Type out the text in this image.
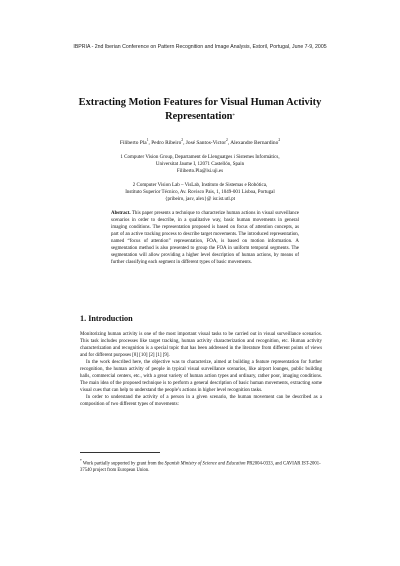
IBPRIA - 2nd Iberian Conference on Pattern Recognition and Image Analysis, Estoril, Portugal, June 7-9, 2005
Extracting Motion Features for Visual Human Activity
Representation*
Filiberto Pla$^1$, Pedro Ribeiro$^2$, José Santos-Victor$^2$, Alexandre Bernardino$^2$
1 Computer Vision Group, Departament de Llenguatges i Sistemes Informàtics,
Universitat Jaume I, 12071 Castellón, Spain
Filiberto.Pla@lsi.uji.es
2 Computer Vision Lab – VisLab, Instituto de Sistemas e Robótica,
Instituto Superior Técnico, Av. Rovisco Pais, 1, 1049-001 Lisboa, Portugal
{pribeiro, jasv, alex}@ isr.ist.utl.pt
Abstract. This paper presents a technique to characterize human actions in visual surveillance scenarios in order to describe, in a qualitative way, basic human movements in general imaging conditions. The representation proposed is based on focus of attention concepts, as part of an active tracking process to describe target movements. The introduced representation, named “focus of attention” representation, FOA, is based on motion information. A segmentation method is also presented to group the FOA in uniform temporal segments. The segmentation will allow providing a higher level description of human actions, by means of further classifying each segment in different types of basic movements.
1. Introduction

Monitorizing human activity is one of the most important visual tasks to be carried out in visual surveillance scenarios. This task includes processes like target tracking, human activity characterization and recognition, etc. Human activity characterization and recognition is a special topic that has been addressed in the literature from different points of views and for different purposes [8] [10] [2] [1] [9].

In the work described here, the objective was to characterize, aimed at building a feature representation for further recognition, the human activity of people in typical visual surveillance scenarios, like airport lounges, public building halls, commercial centers, etc., with a great variety of human action types and ordinary, rather poor, imaging conditions. The main idea of the proposed technique is to perform a general description of basic human movements, extracting some visual cues that can help to understand the people’s actions in higher level recognition tasks.

In order to understand the activity of a person in a given scenario, the human movement can be described as a composition of two different types of movements:

* Work partially supported by grant from the Spanish Ministry of Science and Education PR2004-0333, and CAVIAR IST-2001-37540 project from European Union.
